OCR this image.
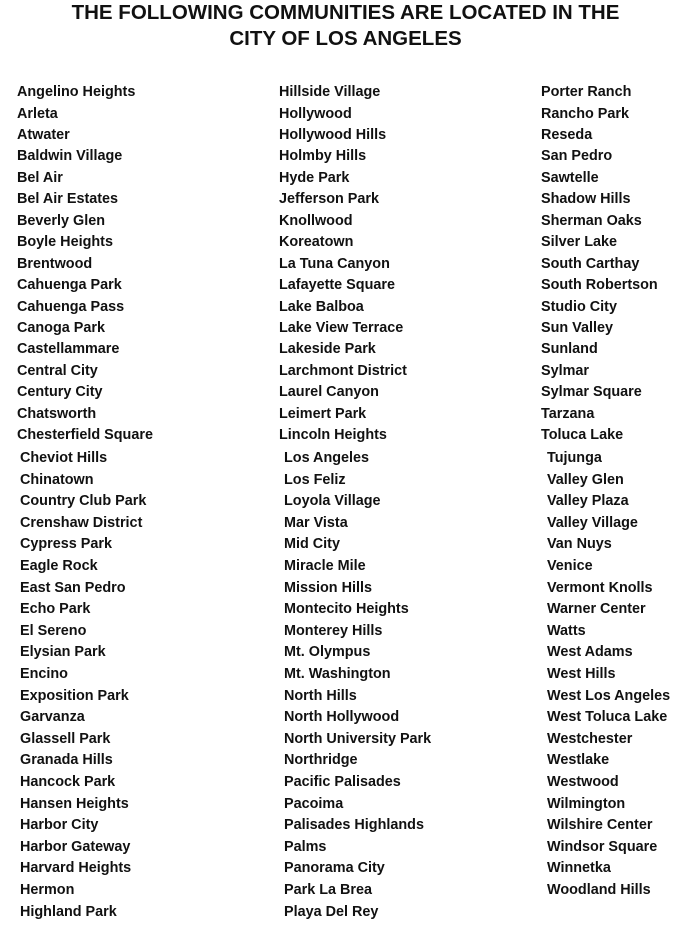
THE FOLLOWING COMMUNITIES ARE LOCATED IN THE
CITY OF LOS ANGELES
Angelino Heights
Arleta
Atwater
Baldwin Village
Bel Air
Bel Air Estates
Beverly Glen
Boyle Heights
Brentwood
Cahuenga Park
Cahuenga Pass
Canoga Park
Castellammare
Central City
Century City
Chatsworth
Chesterfield Square
Cheviot Hills
Chinatown
Country Club Park
Crenshaw District
Cypress Park
Eagle Rock
East San Pedro
Echo Park
El Sereno
Elysian Park
Encino
Exposition Park
Garvanza
Glassell Park
Granada Hills
Hancock Park
Hansen Heights
Harbor City
Harbor Gateway
Harvard Heights
Hermon
Highland Park
Hillside Village
Hollywood
Hollywood Hills
Holmby Hills
Hyde Park
Jefferson Park
Knollwood
Koreatown
La Tuna Canyon
Lafayette Square
Lake Balboa
Lake View Terrace
Lakeside Park
Larchmont District
Laurel Canyon
Leimert Park
Lincoln Heights
Los Angeles
Los Feliz
Loyola Village
Mar Vista
Mid City
Miracle Mile
Mission Hills
Montecito Heights
Monterey Hills
Mt. Olympus
Mt. Washington
North Hills
North Hollywood
North University Park
Northridge
Pacific Palisades
Pacoima
Palisades Highlands
Palms
Panorama City
Park La Brea
Playa Del Rey
Porter Ranch
Rancho Park
Reseda
San Pedro
Sawtelle
Shadow Hills
Sherman Oaks
Silver Lake
South Carthay
South Robertson
Studio City
Sun Valley
Sunland
Sylmar
Sylmar Square
Tarzana
Toluca Lake
Tujunga
Valley Glen
Valley Plaza
Valley Village
Van Nuys
Venice
Vermont Knolls
Warner Center
Watts
West Adams
West Hills
West Los Angeles
West Toluca Lake
Westchester
Westlake
Westwood
Wilmington
Wilshire Center
Windsor Square
Winnetka
Woodland Hills
